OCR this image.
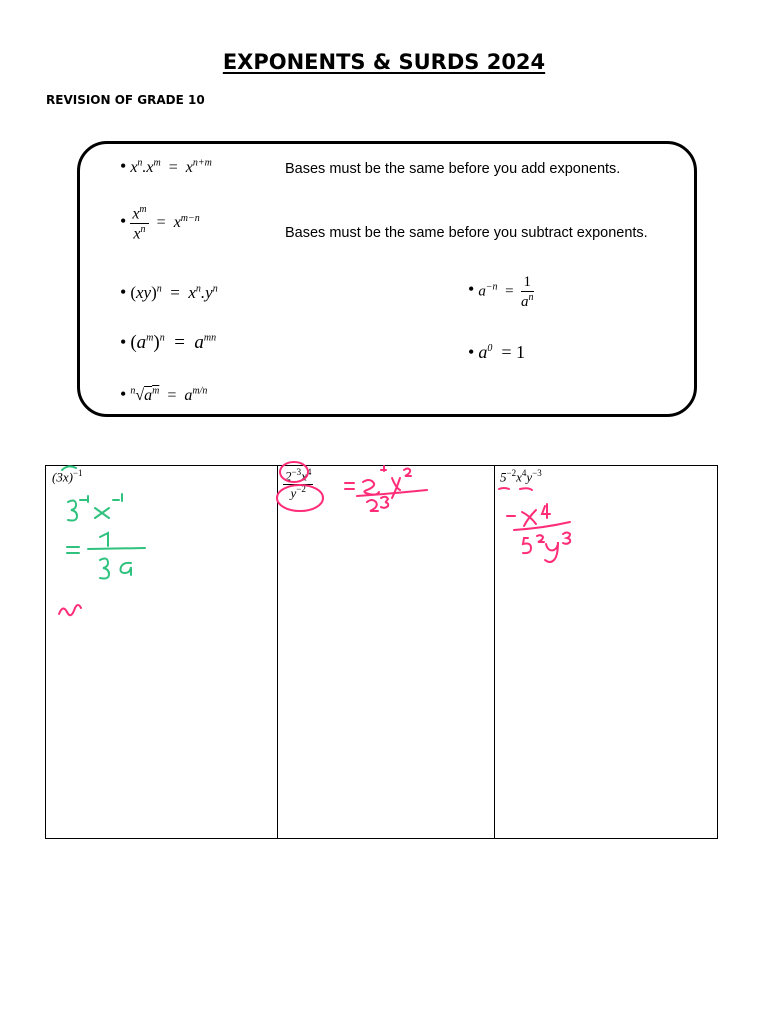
EXPONENTS & SURDS 2024
REVISION OF GRADE 10
• $x^n.x^m = x^{n+m}$	Bases must be the same before you add exponents.
• $\frac{x^m}{x^n} = x^{m-n}$
Bases must be the same before you subtract exponents.
• $(xy)^n = x^n.y^n$
• $(a^m)^n = a^{mn}$
• $^n√a^m = a^{m/n}$
• $a^{-n} = \frac{1}{a^n}$
• $a^0 = 1$
$(3x)^{-1}$	$\frac{2^{-3}x^4}{y^{-2}}$	$5^{-2}x^4y^{-3}$
